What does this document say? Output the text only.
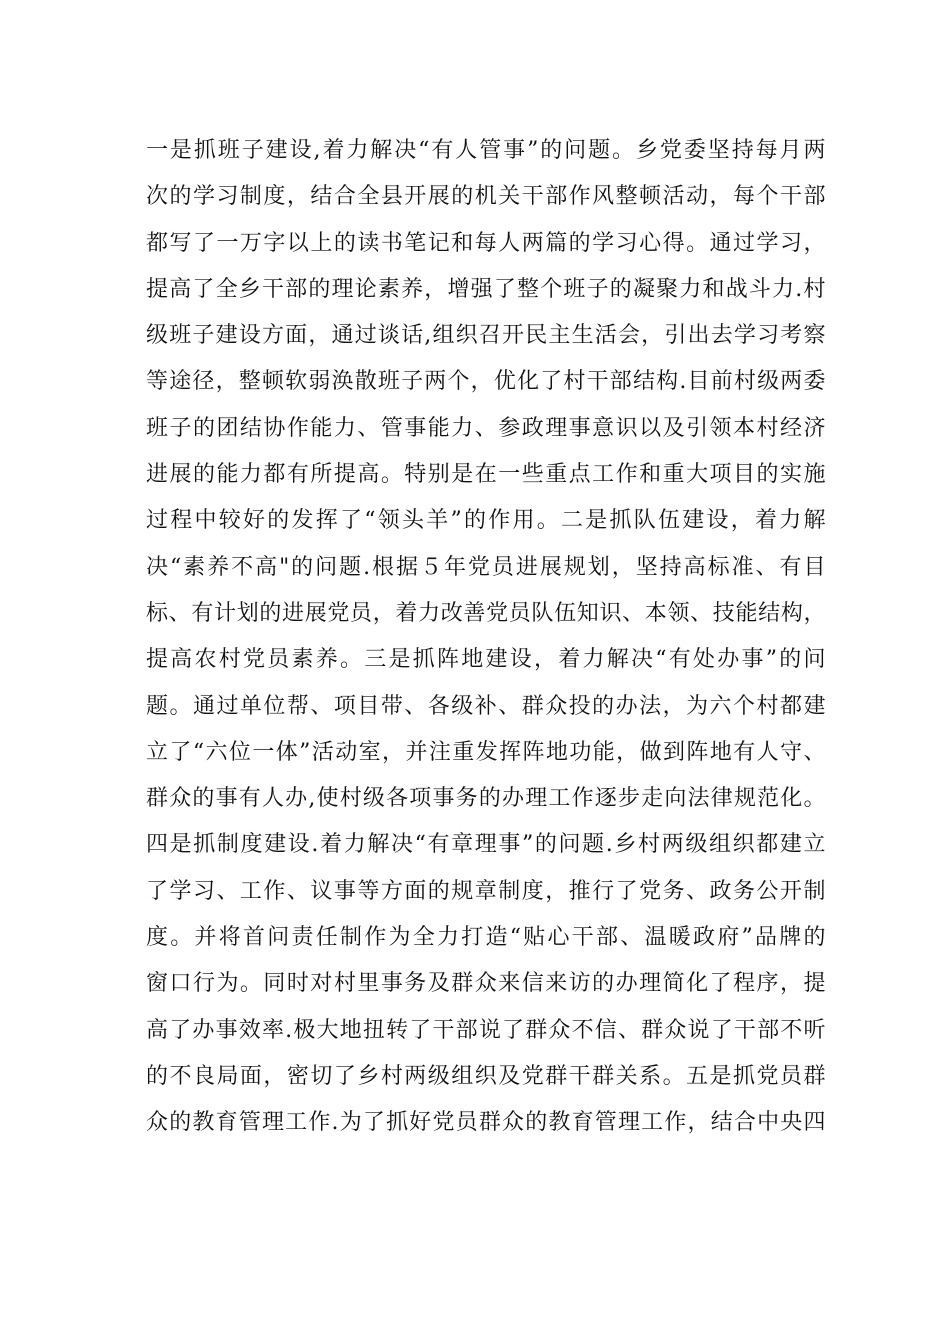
一是抓班子建设,着力解决“有人管事”的问题。乡党委坚持每月两
次的学习制度，结合全县开展的机关干部作风整顿活动，每个干部
都写了一万字以上的读书笔记和每人两篇的学习心得。通过学习，
提高了全乡干部的理论素养，增强了整个班子的凝聚力和战斗力.村
级班子建设方面，通过谈话,组织召开民主生活会，引出去学习考察
等途径，整顿软弱涣散班子两个，优化了村干部结构.目前村级两委
班子的团结协作能力、管事能力、参政理事意识以及引领本村经济
进展的能力都有所提高。特别是在一些重点工作和重大项目的实施
过程中较好的发挥了“领头羊”的作用。二是抓队伍建设，着力解
决“素养不高"的问题.根据５年党员进展规划，坚持高标准、有目
标、有计划的进展党员，着力改善党员队伍知识、本领、技能结构，
提高农村党员素养。三是抓阵地建设，着力解决“有处办事”的问
题。通过单位帮、项目带、各级补、群众投的办法，为六个村都建
立了“六位一体”活动室，并注重发挥阵地功能，做到阵地有人守、
群众的事有人办,使村级各项事务的办理工作逐步走向法律规范化。
四是抓制度建设.着力解决“有章理事”的问题.乡村两级组织都建立
了学习、工作、议事等方面的规章制度，推行了党务、政务公开制
度。并将首问责任制作为全力打造“贴心干部、温暖政府”品牌的
窗口行为。同时对村里事务及群众来信来访的办理简化了程序，提
高了办事效率.极大地扭转了干部说了群众不信、群众说了干部不听
的不良局面，密切了乡村两级组织及党群干群关系。五是抓党员群
众的教育管理工作.为了抓好党员群众的教育管理工作，结合中央四
